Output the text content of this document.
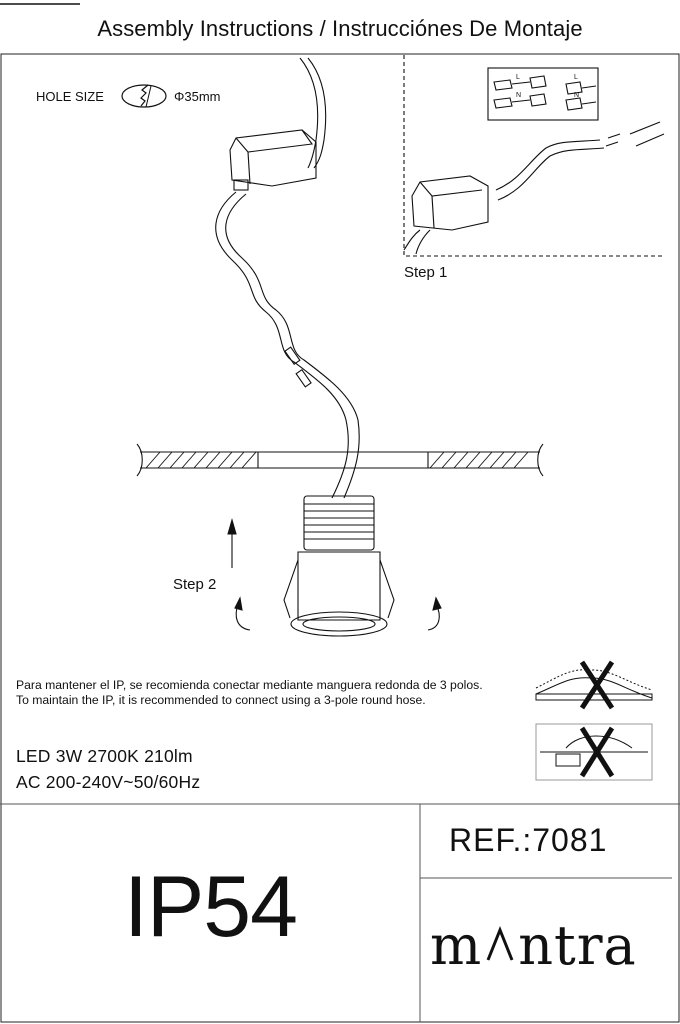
Assembly Instructions / Instrucciónes De Montaje
HOLE SIZE	Φ35mm
Step 1
Step 2
L
N
L
N
Para mantener el IP, se recomienda conectar mediante manguera redonda de 3 polos.
To maintain the IP, it is recommended to connect using a 3-pole round hose.
LED 3W 2700K 210lm
AC 200-240V~50/60Hz
IP54
REF.:7081
m ntra
